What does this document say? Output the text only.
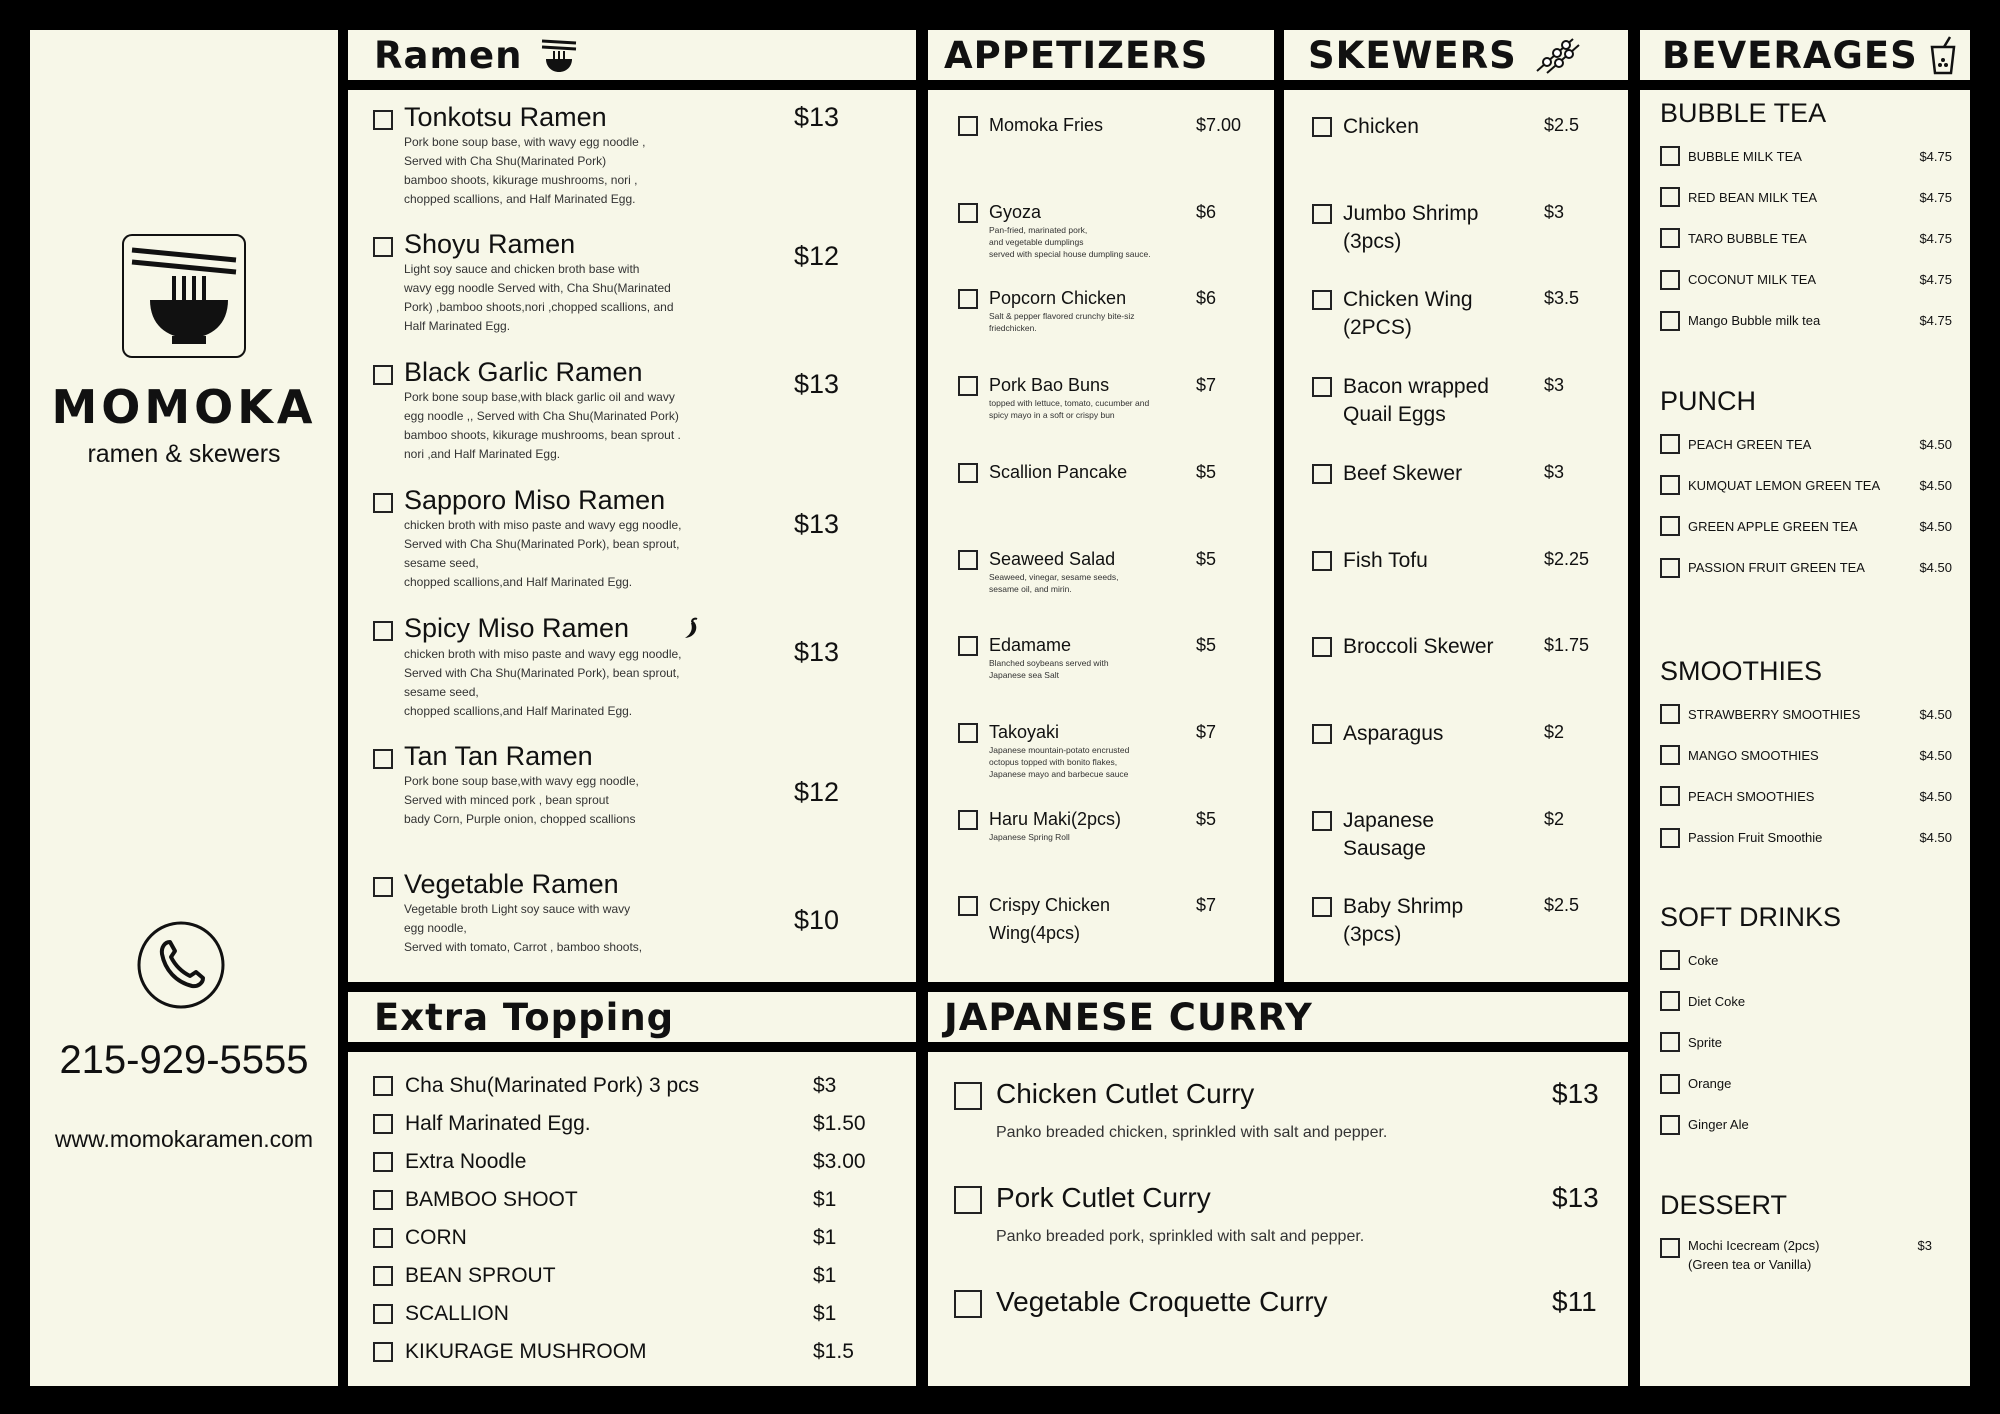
MOMOKA
ramen & skewers
215-929-5555
www.momokaramen.com
Ramen
Tonkotsu Ramen
Pork bone soup base, with wavy egg noodle ,
Served with Cha Shu(Marinated Pork)
bamboo shoots, kikurage mushrooms, nori ,
chopped scallions, and Half Marinated Egg.
$13
Shoyu Ramen
Light soy sauce and chicken broth base with
wavy egg noodle Served with, Cha Shu(Marinated
Pork) ,bamboo shoots,nori ,chopped scallions, and
Half Marinated Egg.
$12
Black Garlic Ramen
Pork bone soup base,with black garlic oil and wavy
egg noodle ,, Served with Cha Shu(Marinated Pork)
bamboo shoots, kikurage mushrooms, bean sprout .
nori ,and Half Marinated Egg.
$13
Sapporo Miso Ramen
chicken broth with miso paste and wavy egg noodle,
Served with Cha Shu(Marinated Pork), bean sprout,
sesame seed,
chopped scallions,and Half Marinated Egg.
$13
Spicy Miso Ramen
chicken broth with miso paste and wavy egg noodle,
Served with Cha Shu(Marinated Pork), bean sprout,
sesame seed,
chopped scallions,and Half Marinated Egg.
$13
Tan Tan Ramen
Pork bone soup base,with wavy egg noodle,
Served with minced pork , bean sprout
bady Corn, Purple onion, chopped scallions
$12
Vegetable Ramen
Vegetable broth Light soy sauce with wavy
egg noodle,
Served with tomato, Carrot , bamboo shoots,
$10
APPETIZERS
Momoka Fries	$7.00
Gyoza	$6
Pan-fried, marinated pork,
and vegetable dumplings
served with special house dumpling sauce.
Popcorn Chicken	$6
Salt & pepper flavored crunchy bite-siz
friedchicken.
Pork Bao Buns	$7
topped with lettuce, tomato, cucumber and
spicy mayo in a soft or crispy bun
Scallion Pancake	$5
Seaweed Salad	$5
Seaweed, vinegar, sesame seeds,
sesame oil, and mirin.
Edamame	$5
Blanched soybeans served with
Japanese sea Salt
Takoyaki	$7
Japanese mountain-potato encrusted
octopus topped with bonito flakes,
Japanese mayo and barbecue sauce
Haru Maki(2pcs)	$5
Japanese Spring Roll
Crispy Chicken
Wing(4pcs)
$7
SKEWERS
Chicken	$2.5
Jumbo Shrimp
(3pcs)
$3
Chicken Wing
(2PCS)
$3.5
Bacon wrapped
Quail Eggs
$3
Beef Skewer	$3
Fish Tofu	$2.25
Broccoli Skewer	$1.75
Asparagus	$2
Japanese
Sausage
$2
Baby Shrimp
(3pcs)
$2.5
BEVERAGES
BUBBLE TEA
BUBBLE MILK TEA	$4.75
RED BEAN MILK TEA	$4.75
TARO BUBBLE TEA	$4.75
COCONUT MILK TEA	$4.75
Mango Bubble milk tea	$4.75
PUNCH
PEACH GREEN TEA	$4.50
KUMQUAT LEMON GREEN TEA	$4.50
GREEN APPLE GREEN TEA	$4.50
PASSION FRUIT GREEN TEA	$4.50
SMOOTHIES
STRAWBERRY SMOOTHIES	$4.50
MANGO SMOOTHIES	$4.50
PEACH SMOOTHIES	$4.50
Passion Fruit Smoothie	$4.50
SOFT DRINKS
Coke
Diet Coke
Sprite
Orange
Ginger Ale
DESSERT
Mochi Icecream (2pcs)
(Green tea or Vanilla)
$3
Extra Topping
Cha Shu(Marinated Pork) 3 pcs	$3
Half Marinated Egg.	$1.50
Extra Noodle	$3.00
BAMBOO SHOOT	$1
CORN	$1
BEAN SPROUT	$1
SCALLION	$1
KIKURAGE MUSHROOM	$1.5
JAPANESE CURRY
Chicken Cutlet Curry	$13
Panko breaded chicken, sprinkled with salt and pepper.
Pork Cutlet Curry	$13
Panko breaded pork, sprinkled with salt and pepper.
Vegetable Croquette Curry	$11
